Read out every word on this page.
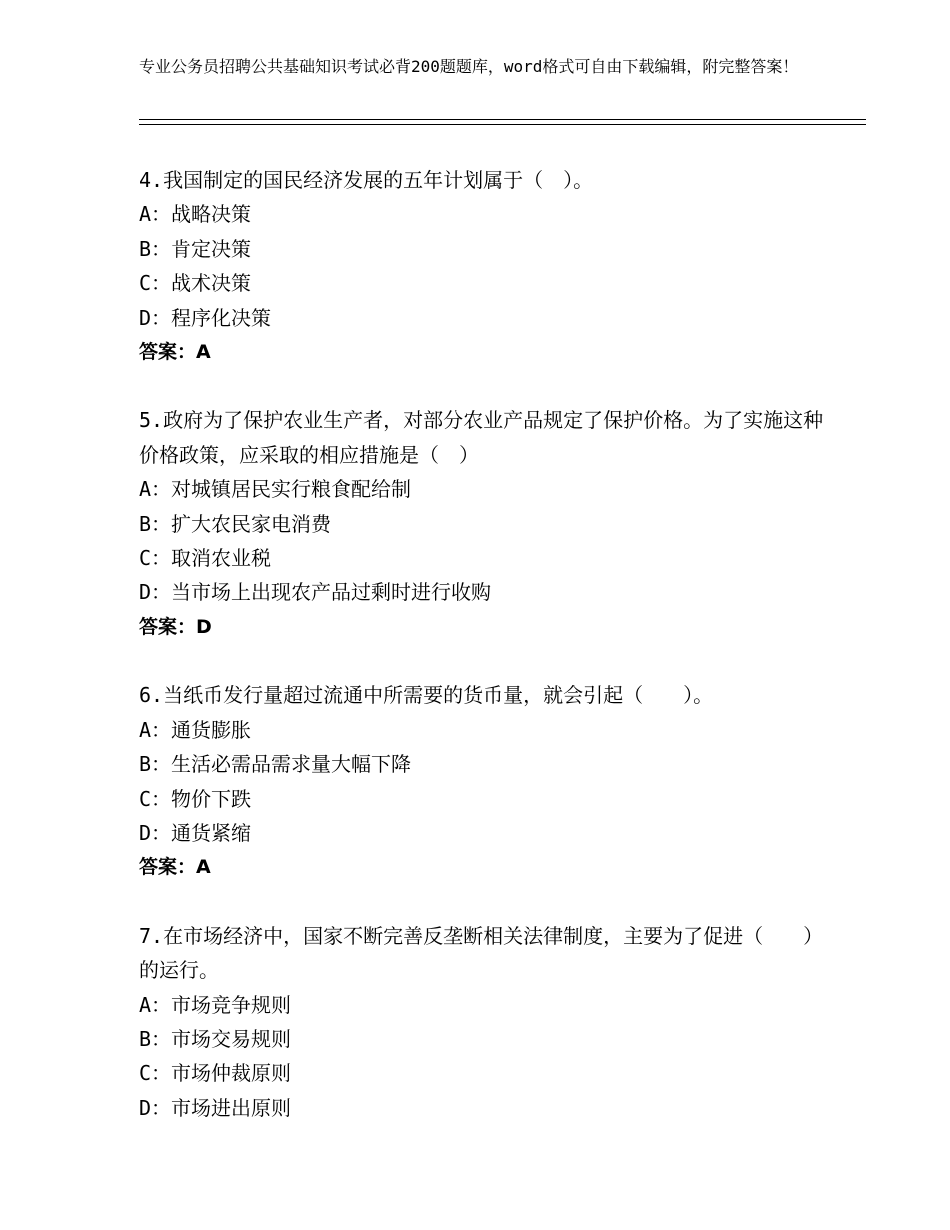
专业公务员招聘公共基础知识考试必背200题题库，word格式可自由下载编辑，附完整答案！
4.我国制定的国民经济发展的五年计划属于（　）。
A：战略决策
B：肯定决策
C：战术决策
D：程序化决策
答案：A
5.政府为了保护农业生产者，对部分农业产品规定了保护价格。为了实施这种价格政策，应采取的相应措施是（　）
A：对城镇居民实行粮食配给制
B：扩大农民家电消费
C：取消农业税
D：当市场上出现农产品过剩时进行收购
答案：D
6.当纸币发行量超过流通中所需要的货币量，就会引起（　　）。
A：通货膨胀
B：生活必需品需求量大幅下降
C：物价下跌
D：通货紧缩
答案：A
7.在市场经济中，国家不断完善反垄断相关法律制度，主要为了促进（　　）的运行。
A：市场竞争规则
B：市场交易规则
C：市场仲裁原则
D：市场进出原则
